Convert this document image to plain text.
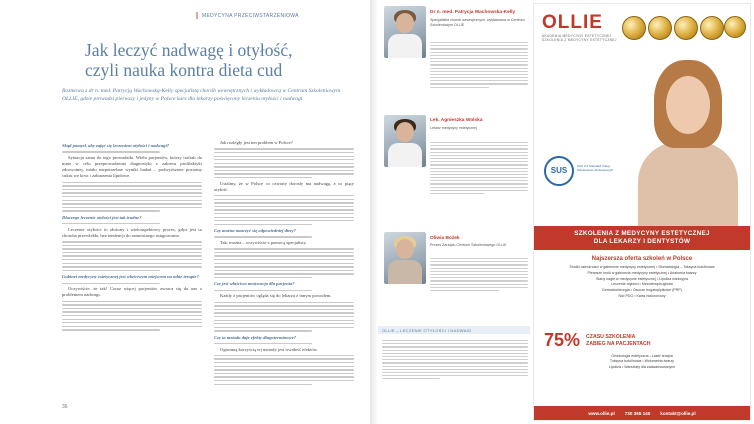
MEDYCYNA PRZECIWSTARZENIOWA
Jak leczyć nadwagę i otyłość,
czyli nauka kontra dieta cud
Rozmowa z dr n. med. Patrycją Wachowską-Kelly specjalistą chorób wewnętrznych i wykładowcą w Centrum Szkoleniowym OLLIE, gdzie prowadzi pierwszy i jedyny w Polsce kurs dla lekarzy poświęcony leczeniu otyłości i nadwagi
Skąd pomysł, aby zająć się leczeniem otyłości i nadwagi?
Sytuacja sama do tego prowadziła. Wielu pacjentów, którzy trafiali do mnie w celu przeprowadzenia diagnostyki z zakresu profilaktyki zdrowotnej, miało niepotrzebne wyniki badań – podwyższone poziomy cukru we krwi i zaburzenia lipidowe.
Dlaczego leczenie otyłości jest tak trudne?
Leczenie otyłości to złożony i wieloaspektowy proces, gdyż jest to choroba przewlekła, bez tendencji do samoistnego ustępowania.
Gabinet medycyny estetycznej jest właściwym miejscem na takie terapie?
Oczywiście, że tak! Coraz więcej pacjentów zwraca się do nas z problemem nadwagi.
Jak rozległy jest ten problem w Polsce?
Ustalmy, że w Polsce co czwarty dorosły ma nadwagę, a co piąty otyłość.
Czy można nauczyć się odpowiedniej diety?
Tak, można – oczywiście z pomocą specjalisty.
Czy jest właściwa motywacja dla pacjenta?
Każdy z pacjentów ogląda się do lekarza z innym powodem.
Czy ta metoda daje efekty długoterminowe?
Ogromną korzyścią tej metody jest trwałość efektów.
36
Dr n. med. Patrycja Wachowska-Kelly
Specjalistka chorób wewnętrznych, wykładowca w Centrum Szkoleniowym OLLIE
Lek. Agnieszka Wolska
Lekarz medycyny estetycznej
Oliwia Bożek
Prezes Zarządu Centrum Szkoleniowego OLLIE
OLLIE – LECZENIE OTYŁOŚCI I NADWAGI
OLLIE
AKADEMIA MEDYCYNY ESTETYCZNEJ SZKOLENIA Z MEDYCYNY ESTETYCZNEJ
SUS	SUS 2.0 Standard Usług Szkoleniowo-Rozwojowych
SZKOLENIA Z MEDYCYNY ESTETYCZNEJ
DLA LEKARZY I DENTYSTÓW
Najszersza oferta szkoleń w Polsce
Środki ostrożności w gabinecie medycyny estetycznej • Stomatologia – Toksyna botulinowa
Pierwsze kroki w gabinecie medycyny estetycznej • Anatomia twarzy
Stany nagłe w medycynie estetycznej • Lipoliza iniekcyjna
Leczenie otyłości • Mezoterapia igłowa
Dermatochirurgia • Osocze bogatopłytkowe (PRP)
Nici PDO • Kwas hialuronowy
75% CZASU SZKOLENIA
ZABIEG NA PACJENTACH
Ginekologia estetyczna • Laser terapia
Toksyna botulinowa • Wolumetria twarzy
Lipoliza • Warsztaty dla zaawansowanych
www.ollie.pl 730 365 140 kontakt@ollie.pl
